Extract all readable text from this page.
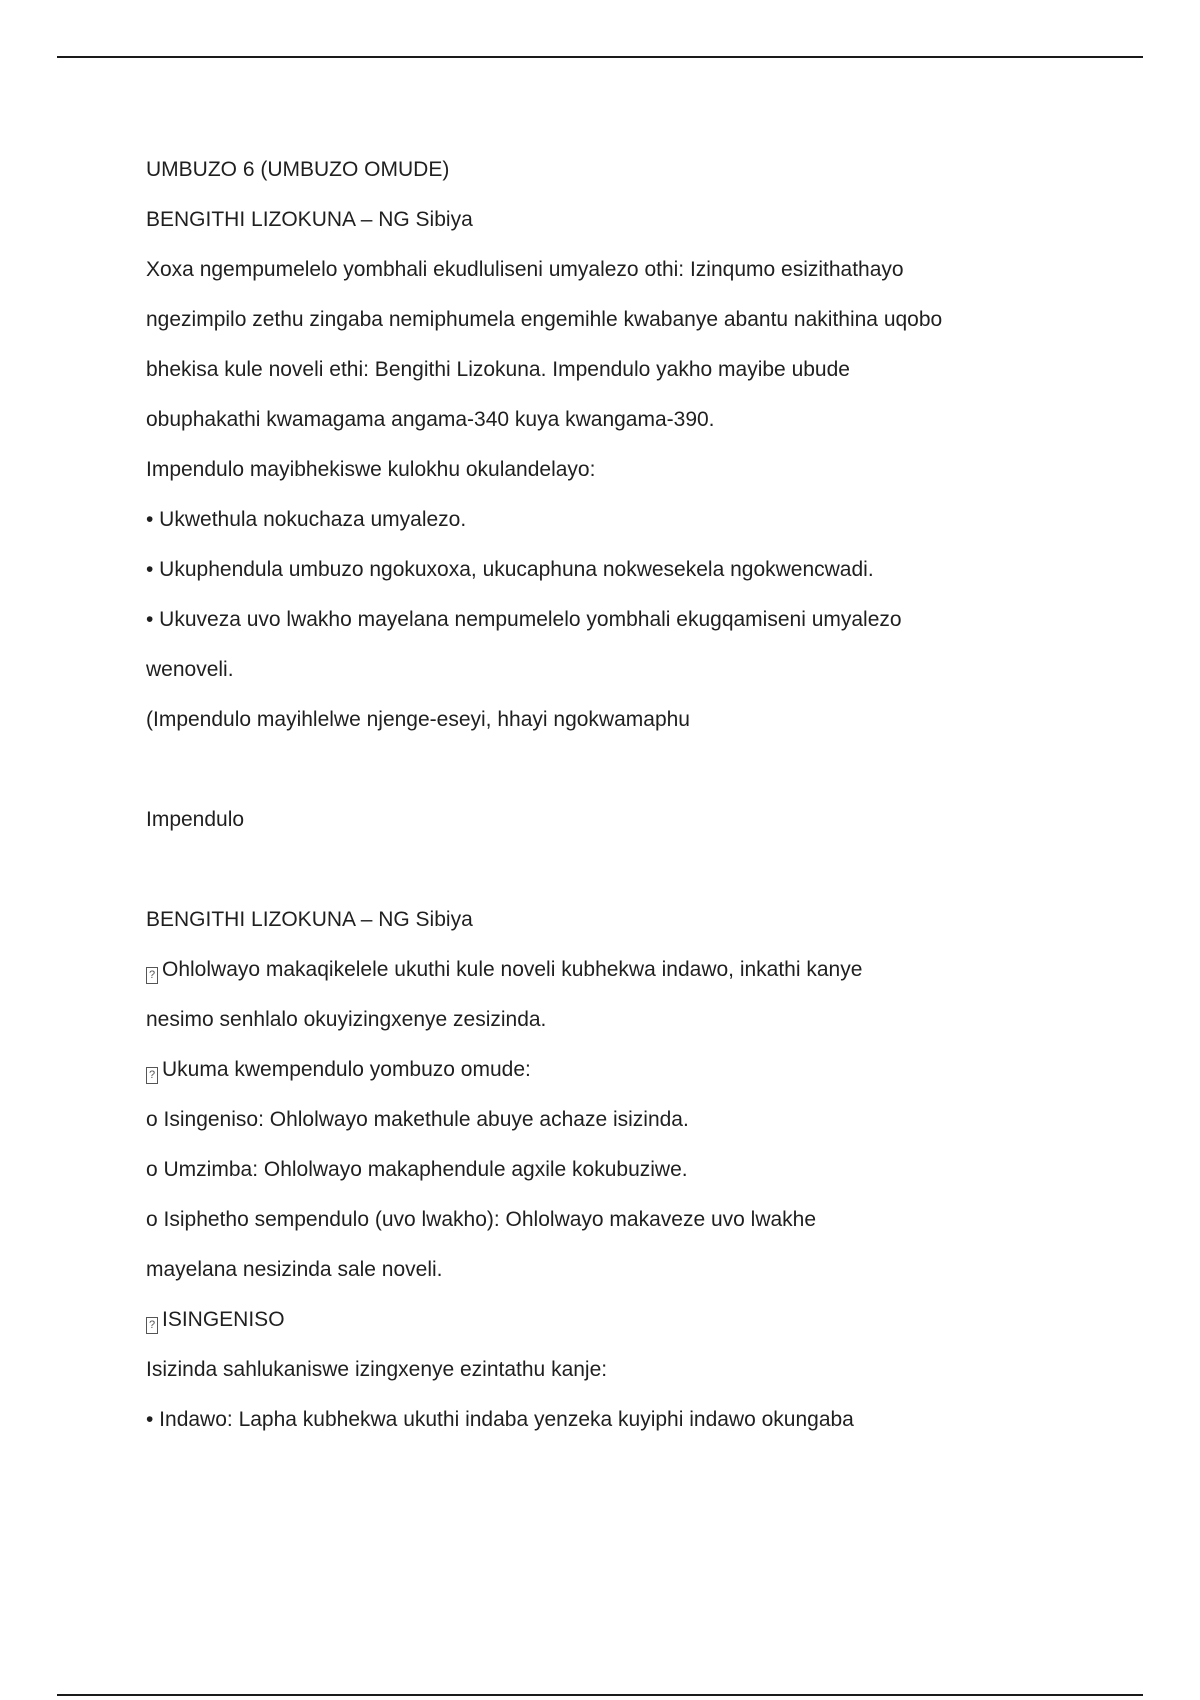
UMBUZO 6 (UMBUZO OMUDE)
BENGITHI LIZOKUNA – NG Sibiya
Xoxa ngempumelelo yombhali ekudluliseni umyalezo othi: Izinqumo esizithathayo
ngezimpilo zethu zingaba nemiphumela engemihle kwabanye abantu nakithina uqobo
bhekisa kule noveli ethi: Bengithi Lizokuna. Impendulo yakho mayibe ubude
obuphakathi kwamagama angama-340 kuya kwangama-390.
Impendulo mayibhekiswe kulokhu okulandelayo:
• Ukwethula nokuchaza umyalezo.
• Ukuphendula umbuzo ngokuxoxa, ukucaphuna nokwesekela ngokwencwadi.
• Ukuveza uvo lwakho mayelana nempumelelo yombhali ekugqamiseni umyalezo
wenoveli.
(Impendulo mayihlelwe njenge-eseyi, hhayi ngokwamaphu
Impendulo
BENGITHI LIZOKUNA – NG Sibiya
? Ohlolwayo makaqikelele ukuthi kule noveli kubhekwa indawo, inkathi kanye
nesimo senhlalo okuyizingxenye zesizinda.
? Ukuma kwempendulo yombuzo omude:
o Isingeniso: Ohlolwayo makethule abuye achaze isizinda.
o Umzimba: Ohlolwayo makaphendule agxile kokubuziwe.
o Isiphetho sempendulo (uvo lwakho): Ohlolwayo makaveze uvo lwakhe
mayelana nesizinda sale noveli.
? ISINGENISO
Isizinda sahlukaniswe izingxenye ezintathu kanje:
• Indawo: Lapha kubhekwa ukuthi indaba yenzeka kuyiphi indawo okungaba
